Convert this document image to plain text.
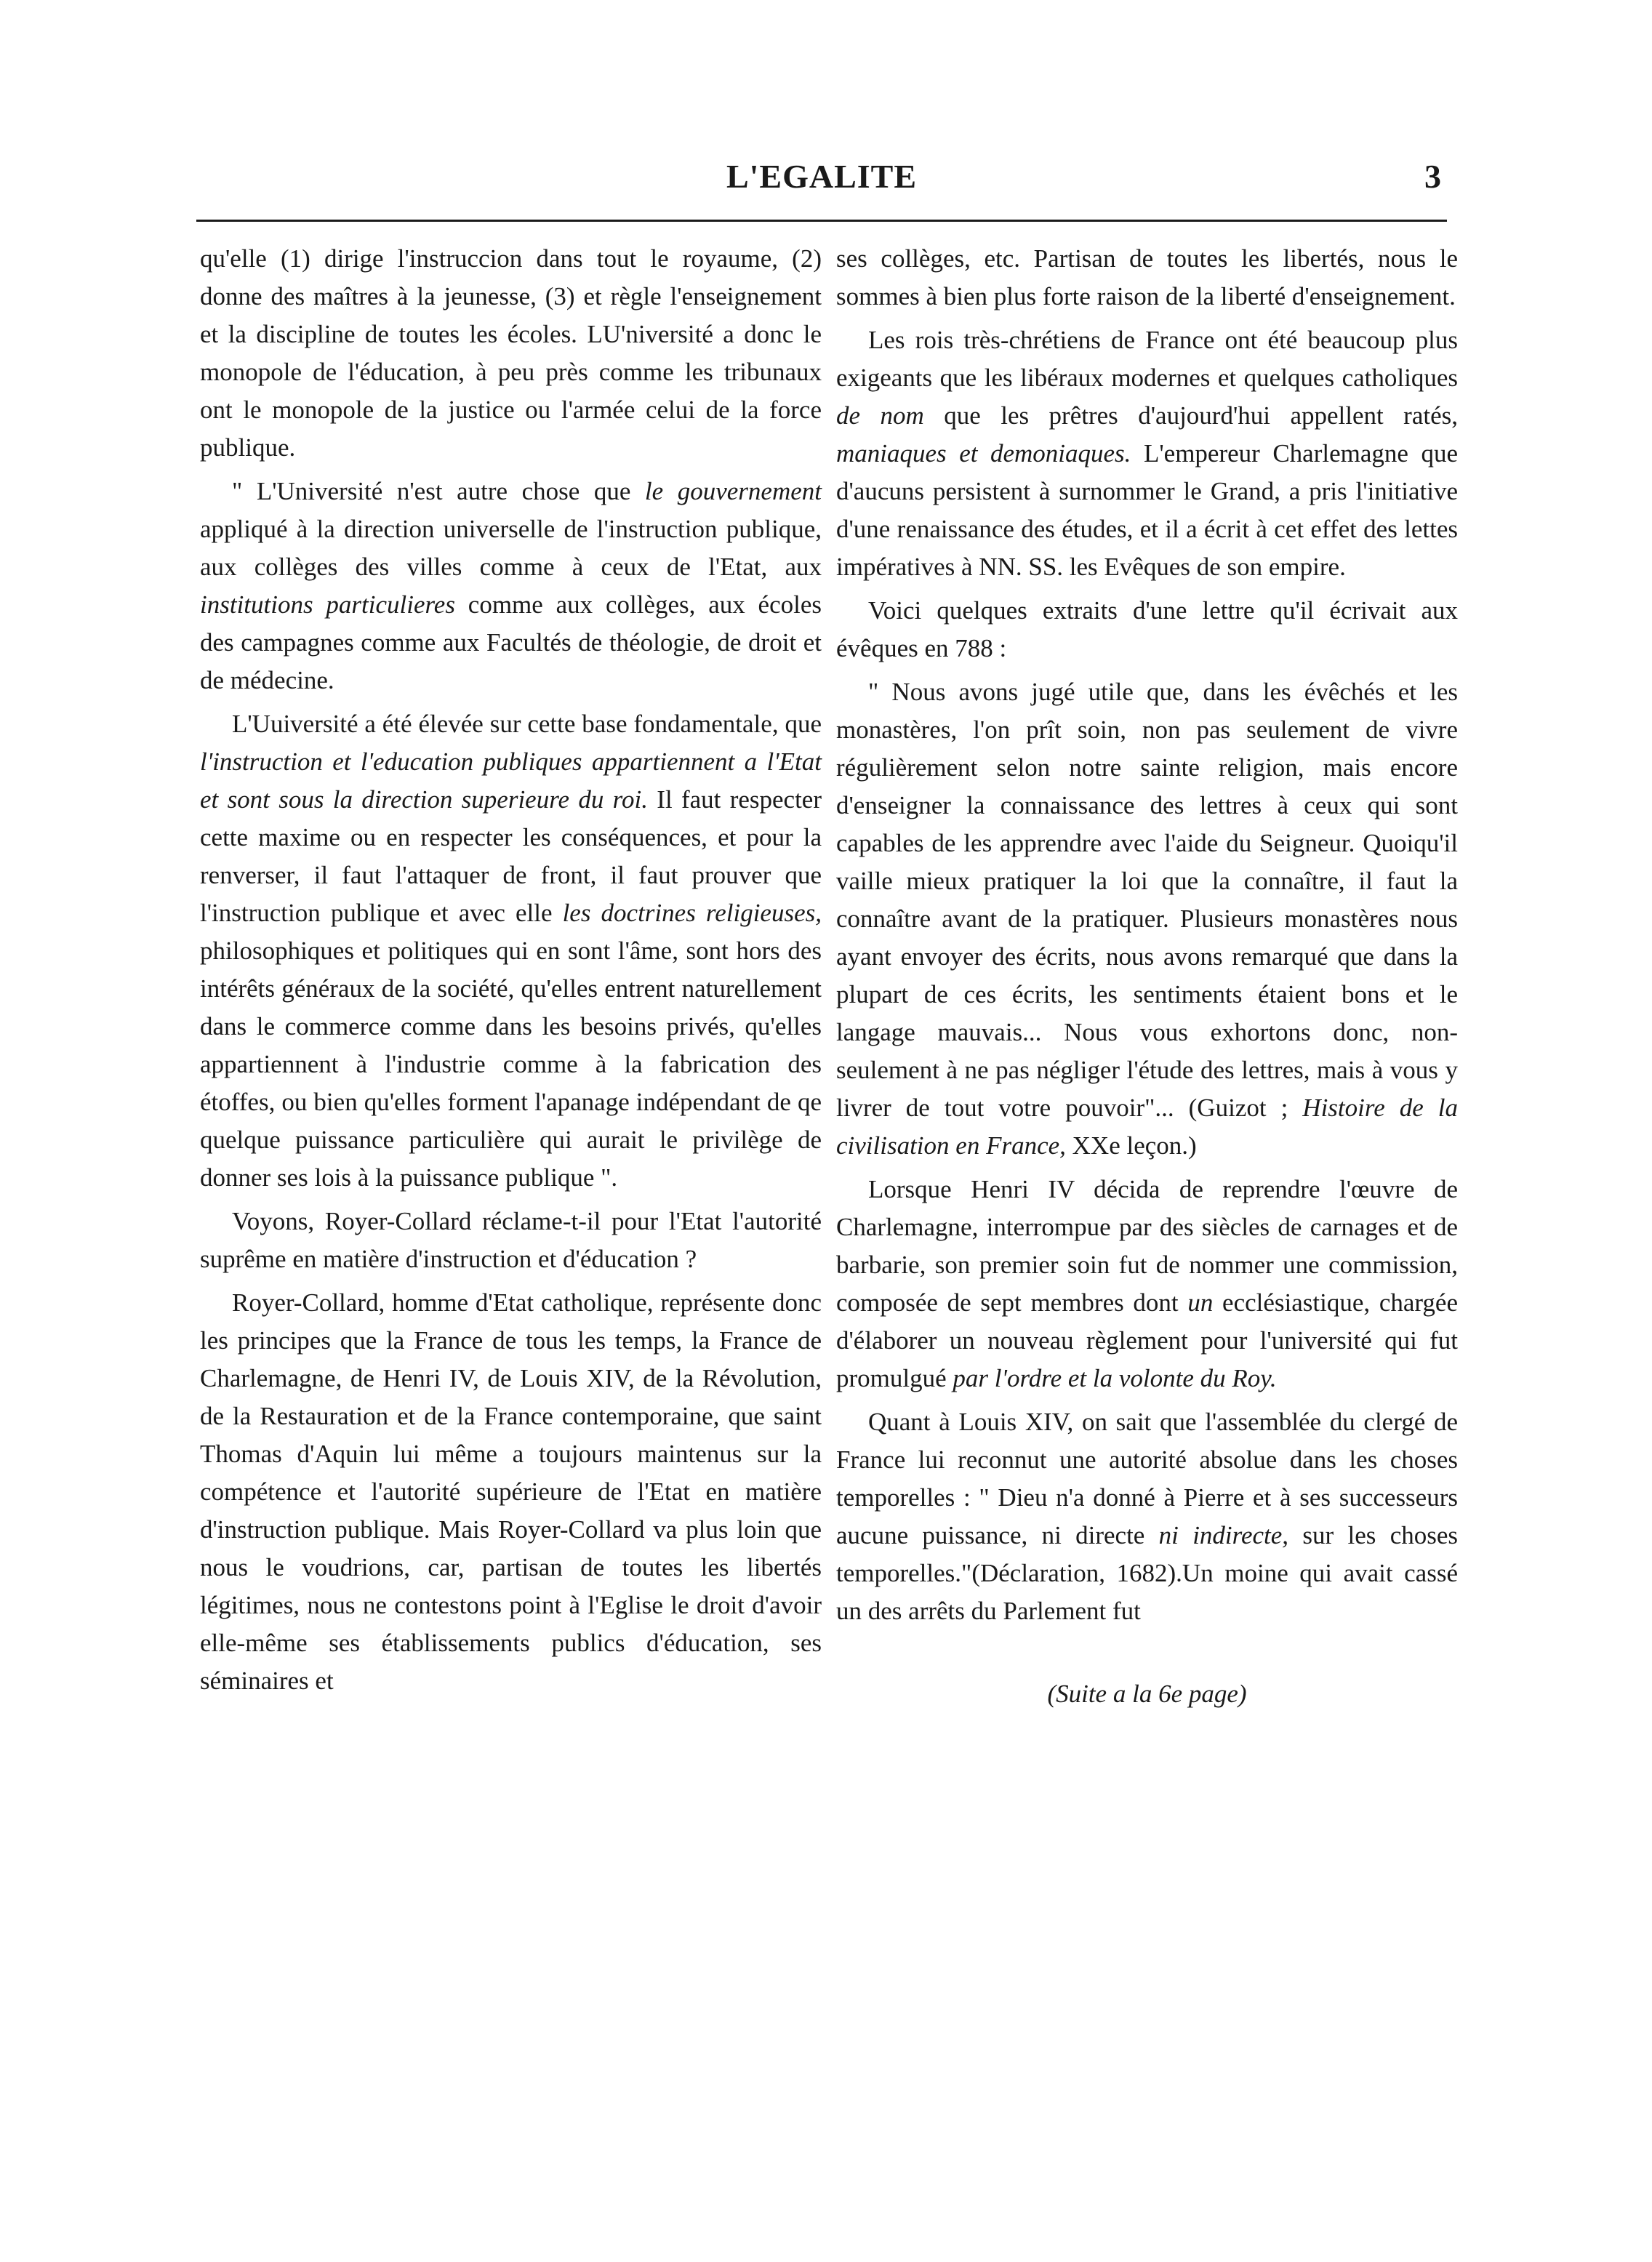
L'EGALITE	3

qu'elle (1) dirige l'instruccion dans tout le royaume, (2) donne des maîtres à la jeunesse, (3) et règle l'enseignement et la discipline de toutes les écoles. LU'niversité a donc le monopole de l'éducation, à peu près comme les tribunaux ont le monopole de la justice ou l'armée celui de la force publique.

" L'Université n'est autre chose que le gouvernement appliqué à la direction universelle de l'instruction publique, aux collèges des villes comme à ceux de l'Etat, aux institutions particulieres comme aux collèges, aux écoles des campagnes comme aux Facultés de théologie, de droit et de médecine.

L'Uuiversité a été élevée sur cette base fondamentale, que l'instruction et l'education publiques appartiennent a l'Etat et sont sous la direction superieure du roi. Il faut respecter cette maxime ou en respecter les conséquences, et pour la renverser, il faut l'attaquer de front, il faut prouver que l'instruction publique et avec elle les doctrines religieuses, philosophiques et politiques qui en sont l'âme, sont hors des intérêts généraux de la société, qu'elles entrent naturellement dans le commerce comme dans les besoins privés, qu'elles appartiennent à l'industrie comme à la fabrication des étoffes, ou bien qu'elles forment l'apanage indépendant de qe quelque puissance particulière qui aurait le privilège de donner ses lois à la puissance publique ".

Voyons, Royer-Collard réclame-t-il pour l'Etat l'autorité suprême en matière d'instruction et d'éducation ?

Royer-Collard, homme d'Etat catholique, représente donc les principes que la France de tous les temps, la France de Charlemagne, de Henri IV, de Louis XIV, de la Révolution, de la Restauration et de la France contemporaine, que saint Thomas d'Aquin lui même a toujours maintenus sur la compétence et l'autorité supérieure de l'Etat en matière d'instruction publique. Mais Royer-Collard va plus loin que nous le voudrions, car, partisan de toutes les libertés légitimes, nous ne contestons point à l'Eglise le droit d'avoir elle-même ses établissements publics d'éducation, ses séminaires et

ses collèges, etc. Partisan de toutes les libertés, nous le sommes à bien plus forte raison de la liberté d'enseignement.

Les rois très-chrétiens de France ont été beaucoup plus exigeants que les libéraux modernes et quelques catholiques de nom que les prêtres d'aujourd'hui appellent ratés, maniaques et demoniaques. L'empereur Charlemagne que d'aucuns persistent à surnommer le Grand, a pris l'initiative d'une renaissance des études, et il a écrit à cet effet des lettes impératives à NN. SS. les Evêques de son empire.

Voici quelques extraits d'une lettre qu'il écrivait aux évêques en 788 :

" Nous avons jugé utile que, dans les évêchés et les monastères, l'on prît soin, non pas seulement de vivre régulièrement selon notre sainte religion, mais encore d'enseigner la connaissance des lettres à ceux qui sont capables de les apprendre avec l'aide du Seigneur. Quoiqu'il vaille mieux pratiquer la loi que la connaître, il faut la connaître avant de la pratiquer. Plusieurs monastères nous ayant envoyer des écrits, nous avons remarqué que dans la plupart de ces écrits, les sentiments étaient bons et le langage mauvais... Nous vous exhortons donc, non-seulement à ne pas négliger l'étude des lettres, mais à vous y livrer de tout votre pouvoir"... (Guizot ; Histoire de la civilisation en France, XXe leçon.)

Lorsque Henri IV décida de reprendre l'œuvre de Charlemagne, interrompue par des siècles de carnages et de barbarie, son premier soin fut de nommer une commission, composée de sept membres dont un ecclésiastique, chargée d'élaborer un nouveau règlement pour l'université qui fut promulgué par l'ordre et la volonte du Roy.

Quant à Louis XIV, on sait que l'assemblée du clergé de France lui reconnut une autorité absolue dans les choses temporelles : " Dieu n'a donné à Pierre et à ses successeurs aucune puissance, ni directe ni indirecte, sur les choses temporelles."(Déclaration, 1682).Un moine qui avait cassé un des arrêts du Parlement fut

(Suite a la 6e page)
